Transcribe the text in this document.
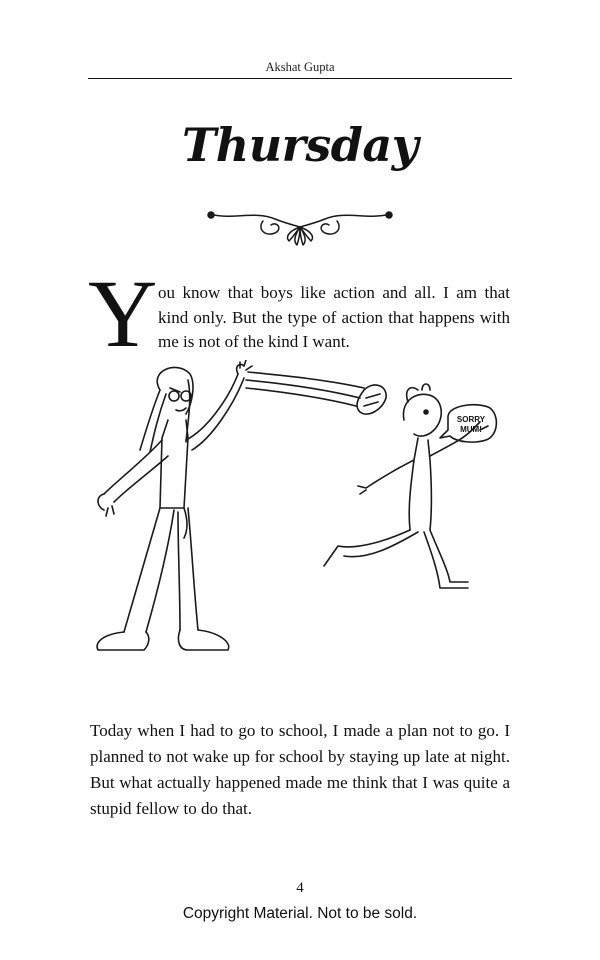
Akshat Gupta
Thursday
Y ou know that boys like action and all. I am that kind only. But the type of action that happens with me is not of the kind I want.
SORRY
MUM!
Today when I had to go to school, I made a plan not to go. I planned to not wake up for school by staying up late at night. But what actually happened made me think that I was quite a stupid fellow to do that.
4
Copyright Material. Not to be sold.
